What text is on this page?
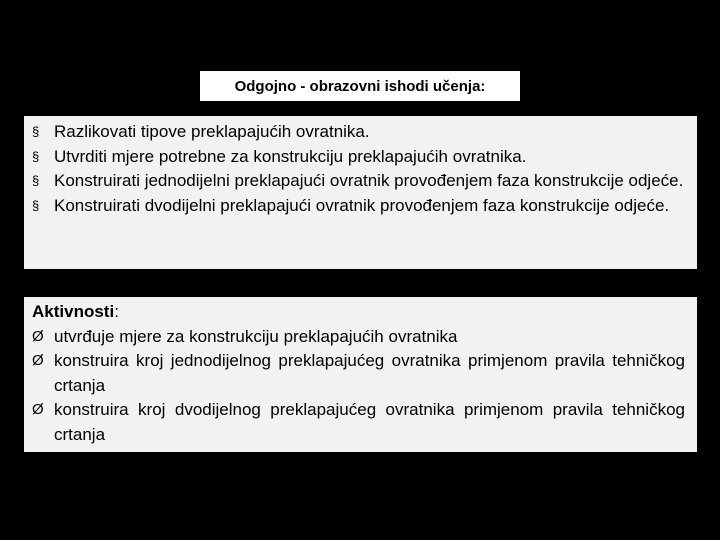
Odgojno - obrazovni ishodi učenja:
§ Razlikovati tipove preklapajućih ovratnika.
§ Utvrditi mjere potrebne za konstrukciju preklapajućih ovratnika.
§ Konstruirati jednodijelni preklapajući ovratnik provođenjem faza konstrukcije odjeće.
§ Konstruirati dvodijelni preklapajući ovratnik provođenjem faza konstrukcije odjeće.

Aktivnosti:

Ø utvrđuje mjere za konstrukciju preklapajućih ovratnika
Ø konstruira kroj jednodijelnog preklapajućeg ovratnika primjenom pravila tehničkog crtanja
Ø konstruira kroj dvodijelnog preklapajućeg ovratnika primjenom pravila tehničkog crtanja
